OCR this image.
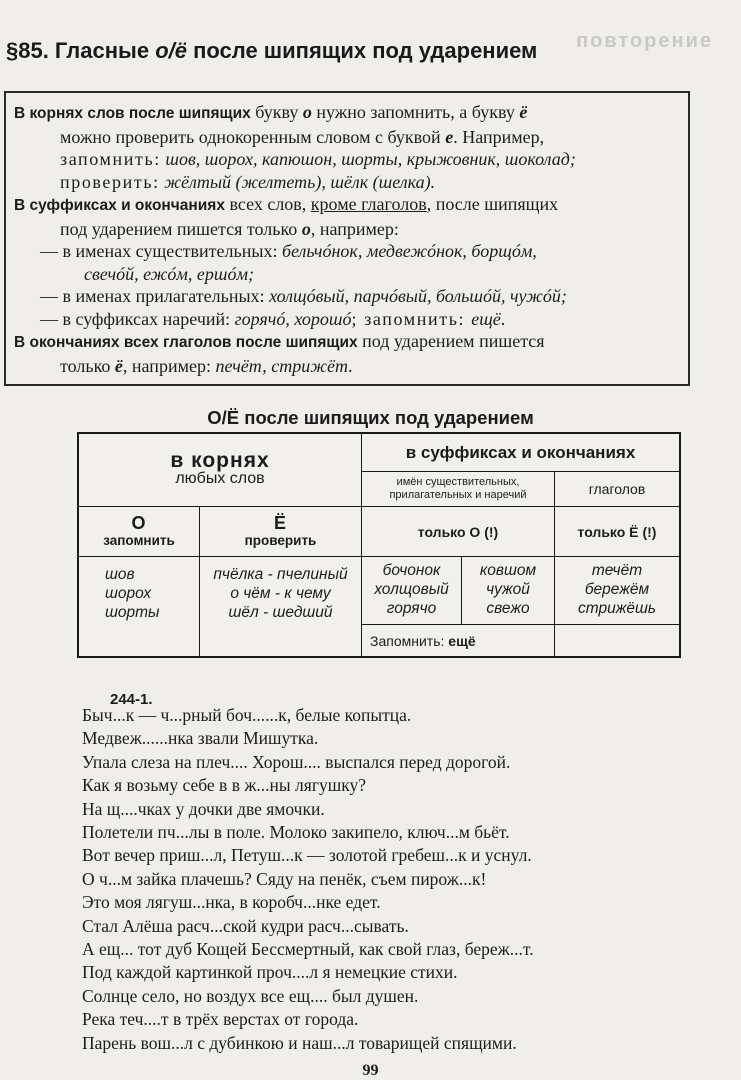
повторение
§85. Гласные о/ё после шипящих под ударением

В корнях слов после шипящих букву о нужно запомнить, а букву ё

можно проверить однокоренным словом с буквой е. Например,

запомнить: шов, шорох, капюшон, шорты, крыжовник, шоколад;

проверить: жёлтый (желтеть), шёлк (шелка).

В суффиксах и окончаниях всех слов, кроме глаголов, после шипящих

под ударением пишется только о, например:

— в именах существительных: бельчóнок, медвежóнок, борщóм,

свечóй, ежóм, ершóм;

— в именах прилагательных: холщóвый, парчóвый, большóй, чужóй;

— в суффиксах наречий: горячó, хорошó; запомнить: ещё.

В окончаниях всех глаголов после шипящих под ударением пишется

только ё, например: печёт, стрижёт.

О/Ё после шипящих под ударением
в корнях
любых слов
в суффиксах и окончаниях
имён существительных,
прилагательных и наречий	глаголов
О
запомнить
Ё
проверить
только О (!)	только Ё (!)
шов
шорох
шорты
пчёлка - пчелиный
о чём - к чему
шёл - шедший
бочонок
холщовый
горячо
ковшом
чужой
свежо
течёт
бережём
стрижёшь
Запомнить: ещё
244-1.
Быч...к — ч...рный боч......к, белые копытца.
Медвеж......нка звали Мишутка.
Упала слеза на плеч.... Хорош.... выспался перед дорогой.
Как я возьму себе в в ж...ны лягушку?
На щ....чках у дочки две ямочки.
Полетели пч...лы в поле. Молоко закипело, ключ...м бьёт.
Вот вечер приш...л, Петуш...к — золотой гребеш...к и уснул.
О ч...м зайка плачешь? Сяду на пенёк, съем пирож...к!
Это моя лягуш...нка, в коробч...нке едет.
Стал Алёша расч...ской кудри расч...сывать.
А ещ... тот дуб Кощей Бессмертный, как свой глаз, береж...т.
Под каждой картинкой проч....л я немецкие стихи.
Солнце село, но воздух все ещ.... был душен.
Река теч....т в трёх верстах от города.
Парень вош...л с дубинкою и наш...л товарищей спящими.
99
